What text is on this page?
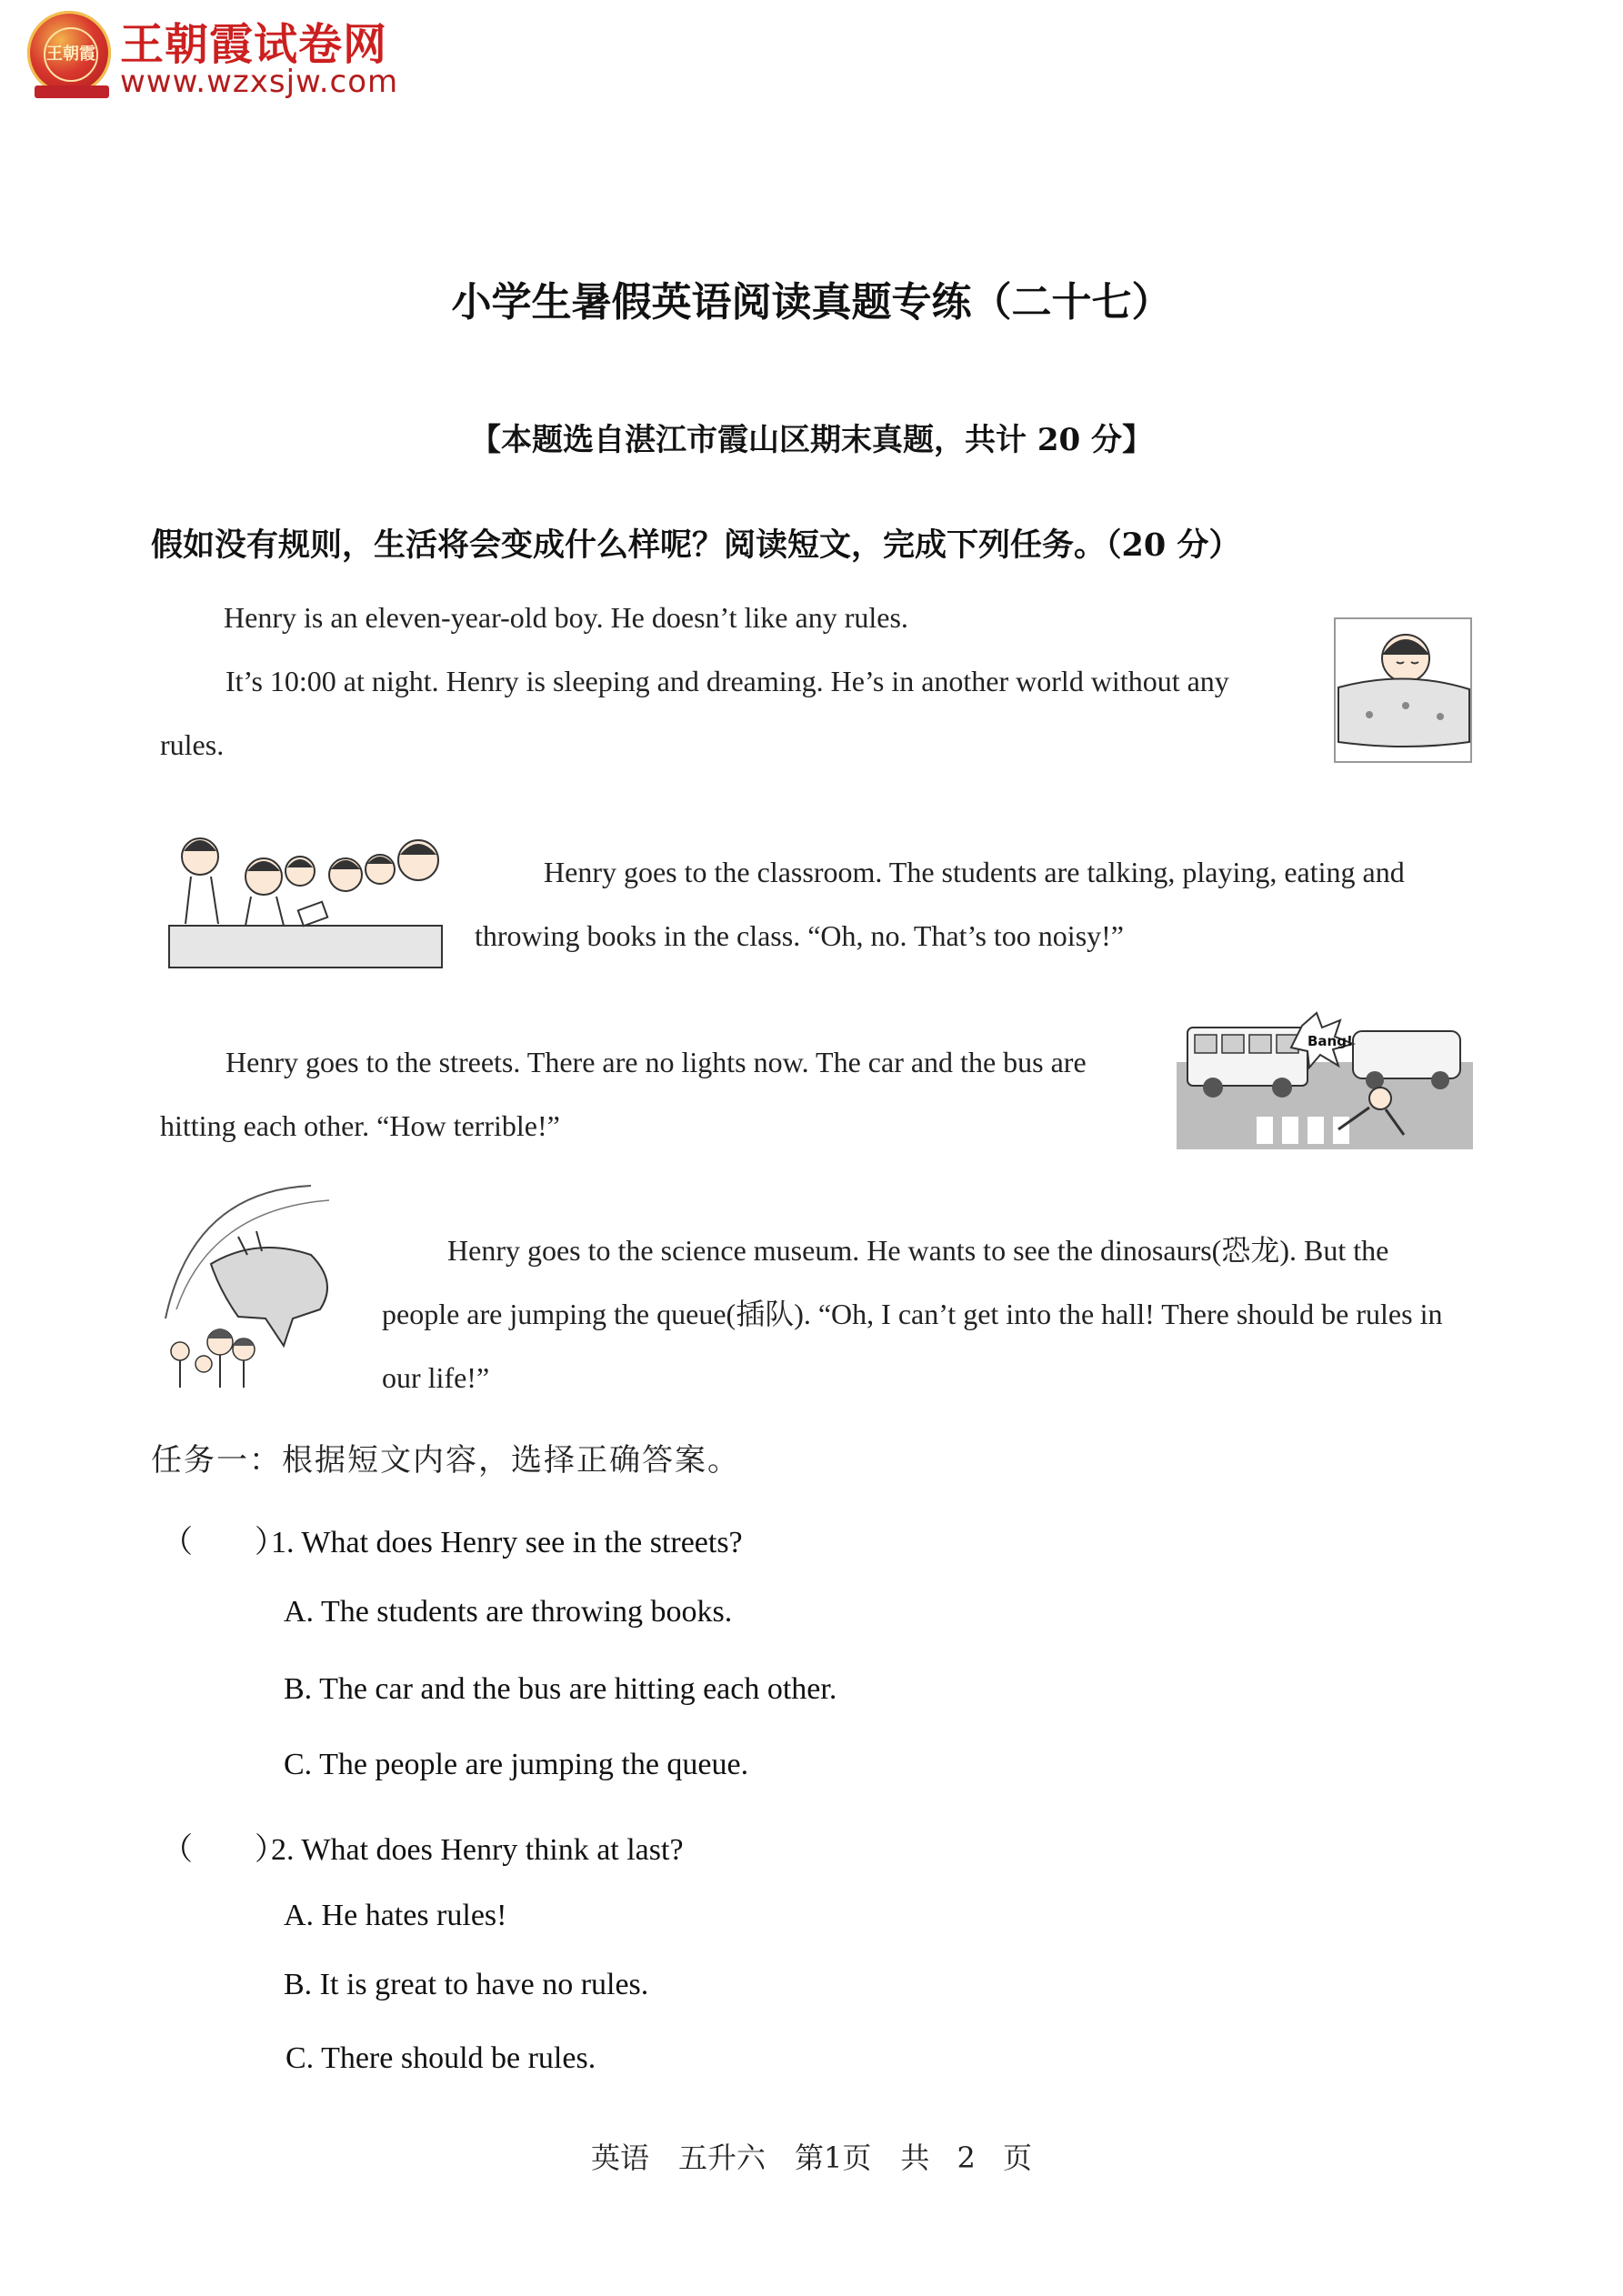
王朝霞 王朝霞试卷网
www.wzxsjw.com
小学生暑假英语阅读真题专练（二十七）
【本题选自湛江市霞山区期末真题，共计 20 分】
假如没有规则，生活将会变成什么样呢？阅读短文，完成下列任务。（20 分）
Henry is an eleven-year-old boy. He doesn’t like any rules.
It’s 10:00 at night. Henry is sleeping and dreaming. He’s in another world without any rules.
Henry goes to the classroom. The students are talking, playing, eating and throwing books in the class. “Oh, no. That’s too noisy!”
Henry goes to the streets. There are no lights now. The car and the bus are hitting each other. “How terrible!”
Henry goes to the science museum. He wants to see the dinosaurs(恐龙). But the people are jumping the queue(插队). “Oh, I can’t get into the hall! There should be rules in our life!”
Bang!
任务一：根据短文内容，选择正确答案。
（　　）1. What does Henry see in the streets?
A. The students are throwing books.
B. The car and the bus are hitting each other.
C. The people are jumping the queue.
（　　）2. What does Henry think at last?
A. He hates rules!
B. It is great to have no rules.
C. There should be rules.
英语　五升六　第1页　共 2 页
